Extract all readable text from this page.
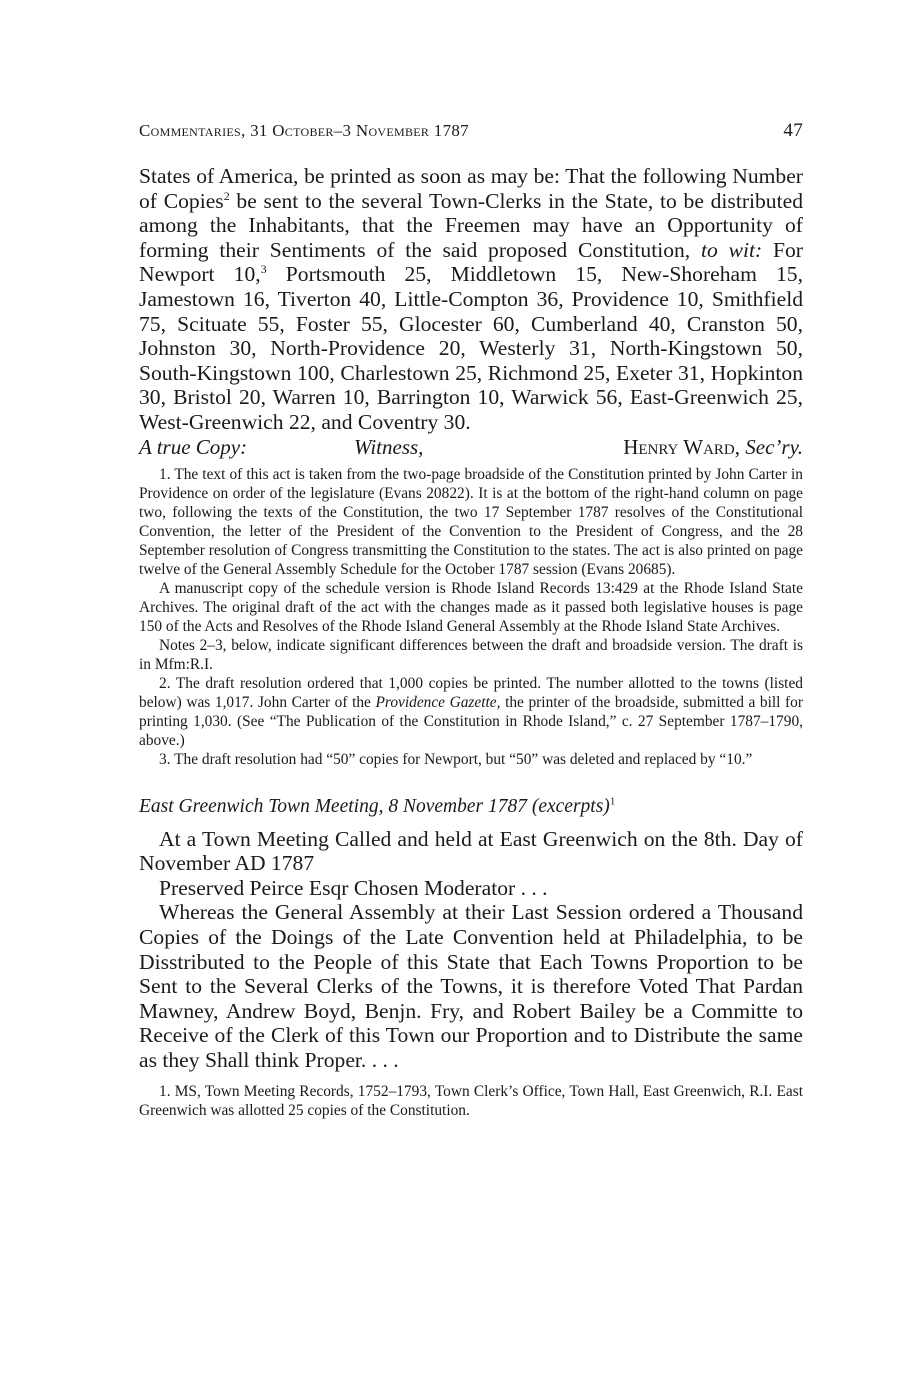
Commentaries, 31 October–3 November 1787	47

States of America, be printed as soon as may be: That the following Number of Copies$^2$ be sent to the several Town-Clerks in the State, to be distributed among the Inhabitants, that the Freemen may have an Opportunity of forming their Sentiments of the said proposed Constitution, to wit: For Newport 10,$^3$ Portsmouth 25, Middletown 15, New-Shoreham 15, Jamestown 16, Tiverton 40, Little-Compton 36, Providence 10, Smithfield 75, Scituate 55, Foster 55, Glocester 60, Cumberland 40, Cranston 50, Johnston 30, North-Providence 20, Westerly 31, North-Kingstown 50, South-Kingstown 100, Charlestown 25, Richmond 25, Exeter 31, Hopkinton 30, Bristol 20, Warren 10, Barrington 10, Warwick 56, East-Greenwich 25, West-Greenwich 22, and Coventry 30.

A true Copy:	Witness,	Henry Ward, Sec’ry.

1. The text of this act is taken from the two-page broadside of the Constitution printed by John Carter in Providence on order of the legislature (Evans 20822). It is at the bottom of the right-hand column on page two, following the texts of the Constitution, the two 17 September 1787 resolves of the Constitutional Convention, the letter of the President of the Convention to the President of Congress, and the 28 September resolution of Congress transmitting the Constitution to the states. The act is also printed on page twelve of the General Assembly Schedule for the October 1787 session (Evans 20685).

A manuscript copy of the schedule version is Rhode Island Records 13:429 at the Rhode Island State Archives. The original draft of the act with the changes made as it passed both legislative houses is page 150 of the Acts and Resolves of the Rhode Island General Assembly at the Rhode Island State Archives.

Notes 2–3, below, indicate significant differences between the draft and broadside version. The draft is in Mfm:R.I.

2. The draft resolution ordered that 1,000 copies be printed. The number allotted to the towns (listed below) was 1,017. John Carter of the Providence Gazette, the printer of the broadside, submitted a bill for printing 1,030. (See “The Publication of the Constitution in Rhode Island,” c. 27 September 1787–1790, above.)

3. The draft resolution had “50” copies for Newport, but “50” was deleted and replaced by “10.”

East Greenwich Town Meeting, 8 November 1787 (excerpts)$^1$

At a Town Meeting Called and held at East Greenwich on the 8th. Day of November AD 1787

Preserved Peirce Esqr Chosen Moderator . . .

Whereas the General Assembly at their Last Session ordered a Thousand Copies of the Doings of the Late Convention held at Philadelphia, to be Disstributed to the People of this State that Each Towns Proportion to be Sent to the Several Clerks of the Towns, it is therefore Voted That Pardan Mawney, Andrew Boyd, Benjn. Fry, and Robert Bailey be a Committe to Receive of the Clerk of this Town our Proportion and to Distribute the same as they Shall think Proper. . . .

1. MS, Town Meeting Records, 1752–1793, Town Clerk’s Office, Town Hall, East Greenwich, R.I. East Greenwich was allotted 25 copies of the Constitution.
